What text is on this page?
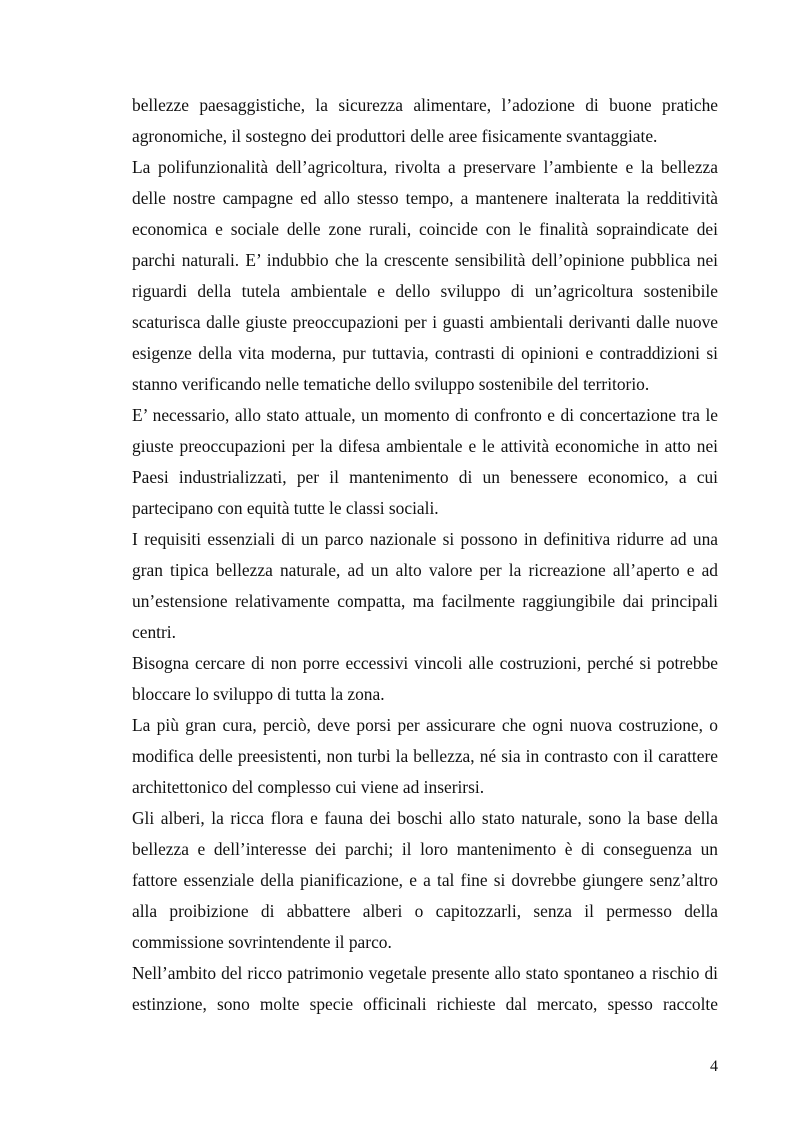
bellezze paesaggistiche, la sicurezza alimentare, l’adozione di buone pratiche agronomiche, il sostegno dei produttori delle aree fisicamente svantaggiate.

La polifunzionalità dell’agricoltura, rivolta a preservare l’ambiente e la bellezza delle nostre campagne ed allo stesso tempo, a mantenere inalterata la redditività economica e sociale delle zone rurali, coincide con le finalità sopraindicate dei parchi naturali. E’ indubbio che la crescente sensibilità dell’opinione pubblica nei riguardi della tutela ambientale e dello sviluppo di un’agricoltura sostenibile scaturisca dalle giuste preoccupazioni per i guasti ambientali derivanti dalle nuove esigenze della vita moderna, pur tuttavia, contrasti di opinioni e contraddizioni si stanno verificando nelle tematiche dello sviluppo sostenibile del territorio.

E’ necessario, allo stato attuale, un momento di confronto e di concertazione tra le giuste preoccupazioni per la difesa ambientale e le attività economiche in atto nei Paesi industrializzati, per il mantenimento di un benessere economico, a cui partecipano con equità tutte le classi sociali.

I requisiti essenziali di un parco nazionale si possono in definitiva ridurre ad una gran tipica bellezza naturale, ad un alto valore per la ricreazione all’aperto e ad un’estensione relativamente compatta, ma facilmente raggiungibile dai principali centri.

Bisogna cercare di non porre eccessivi vincoli alle costruzioni, perché si potrebbe bloccare lo sviluppo di tutta la zona.

La più gran cura, perciò, deve porsi per assicurare che ogni nuova costruzione, o modifica delle preesistenti, non turbi la bellezza, né sia in contrasto con il carattere architettonico del complesso cui viene ad inserirsi.

Gli alberi, la ricca flora e fauna dei boschi allo stato naturale, sono la base della bellezza e dell’interesse dei parchi; il loro mantenimento è di conseguenza un fattore essenziale della pianificazione, e a tal fine si dovrebbe giungere senz’altro alla proibizione di abbattere alberi o capitozzarli, senza il permesso della commissione sovrintendente il parco.

Nell’ambito del ricco patrimonio vegetale presente allo stato spontaneo a rischio di estinzione, sono molte specie officinali richieste dal mercato, spesso raccolte

4
